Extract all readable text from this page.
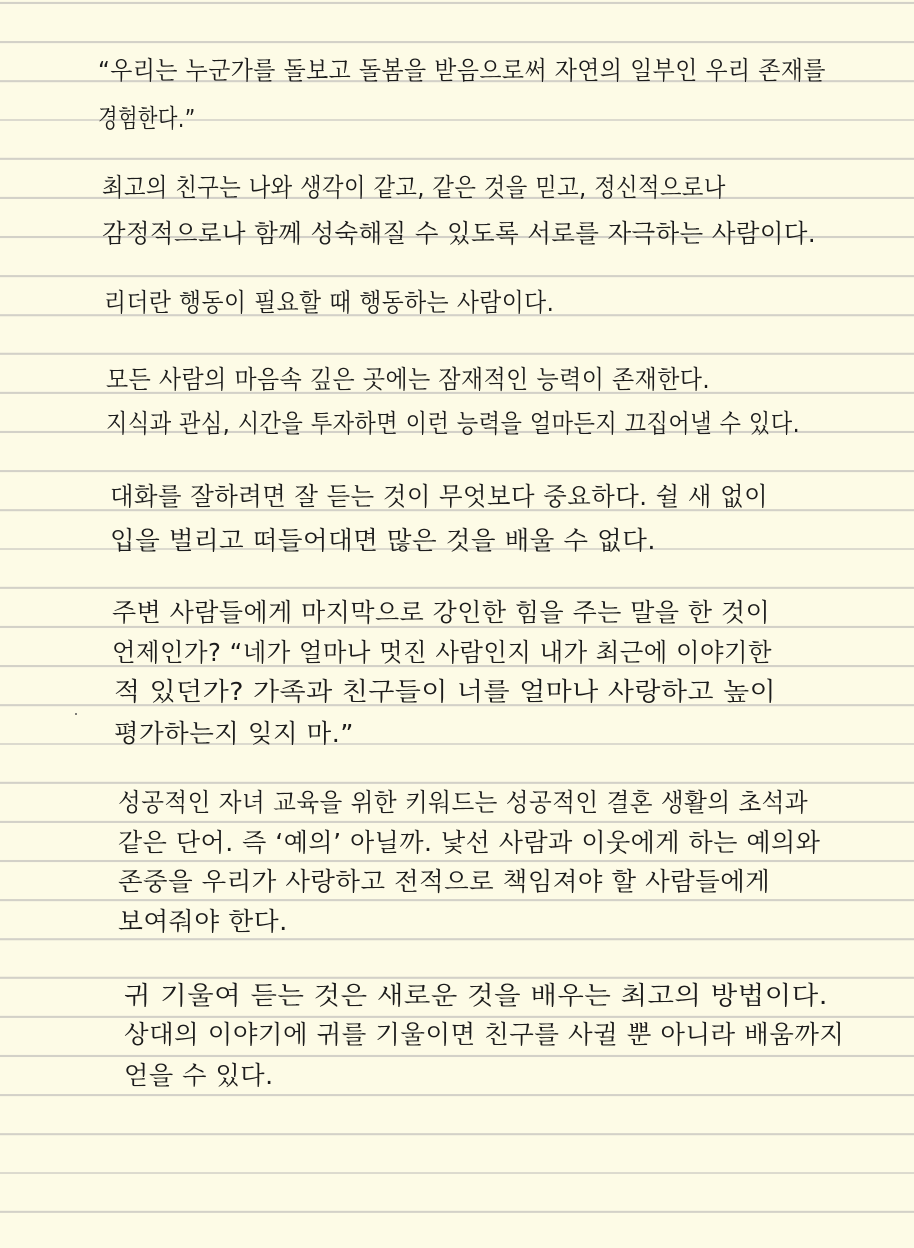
“우리는 누군가를 돌보고 돌봄을 받음으로써 자연의 일부인 우리 존재를
경험한다.”
최고의 친구는 나와 생각이 같고, 같은 것을 믿고, 정신적으로나
감정적으로나 함께 성숙해질 수 있도록 서로를 자극하는 사람이다.
리더란 행동이 필요할 때 행동하는 사람이다.
모든 사람의 마음속 깊은 곳에는 잠재적인 능력이 존재한다.
지식과 관심, 시간을 투자하면 이런 능력을 얼마든지 끄집어낼 수 있다.
대화를 잘하려면 잘 듣는 것이 무엇보다 중요하다. 쉴 새 없이
입을 벌리고 떠들어대면 많은 것을 배울 수 없다.
주변 사람들에게 마지막으로 강인한 힘을 주는 말을 한 것이
언제인가? “네가 얼마나 멋진 사람인지 내가 최근에 이야기한
적 있던가? 가족과 친구들이 너를 얼마나 사랑하고 높이
평가하는지 잊지 마.”
성공적인 자녀 교육을 위한 키워드는 성공적인 결혼 생활의 초석과
같은 단어. 즉 ‘예의’ 아닐까. 낯선 사람과 이웃에게 하는 예의와
존중을 우리가 사랑하고 전적으로 책임져야 할 사람들에게
보여줘야 한다.
귀 기울여 듣는 것은 새로운 것을 배우는 최고의 방법이다.
상대의 이야기에 귀를 기울이면 친구를 사귈 뿐 아니라 배움까지
얻을 수 있다.
